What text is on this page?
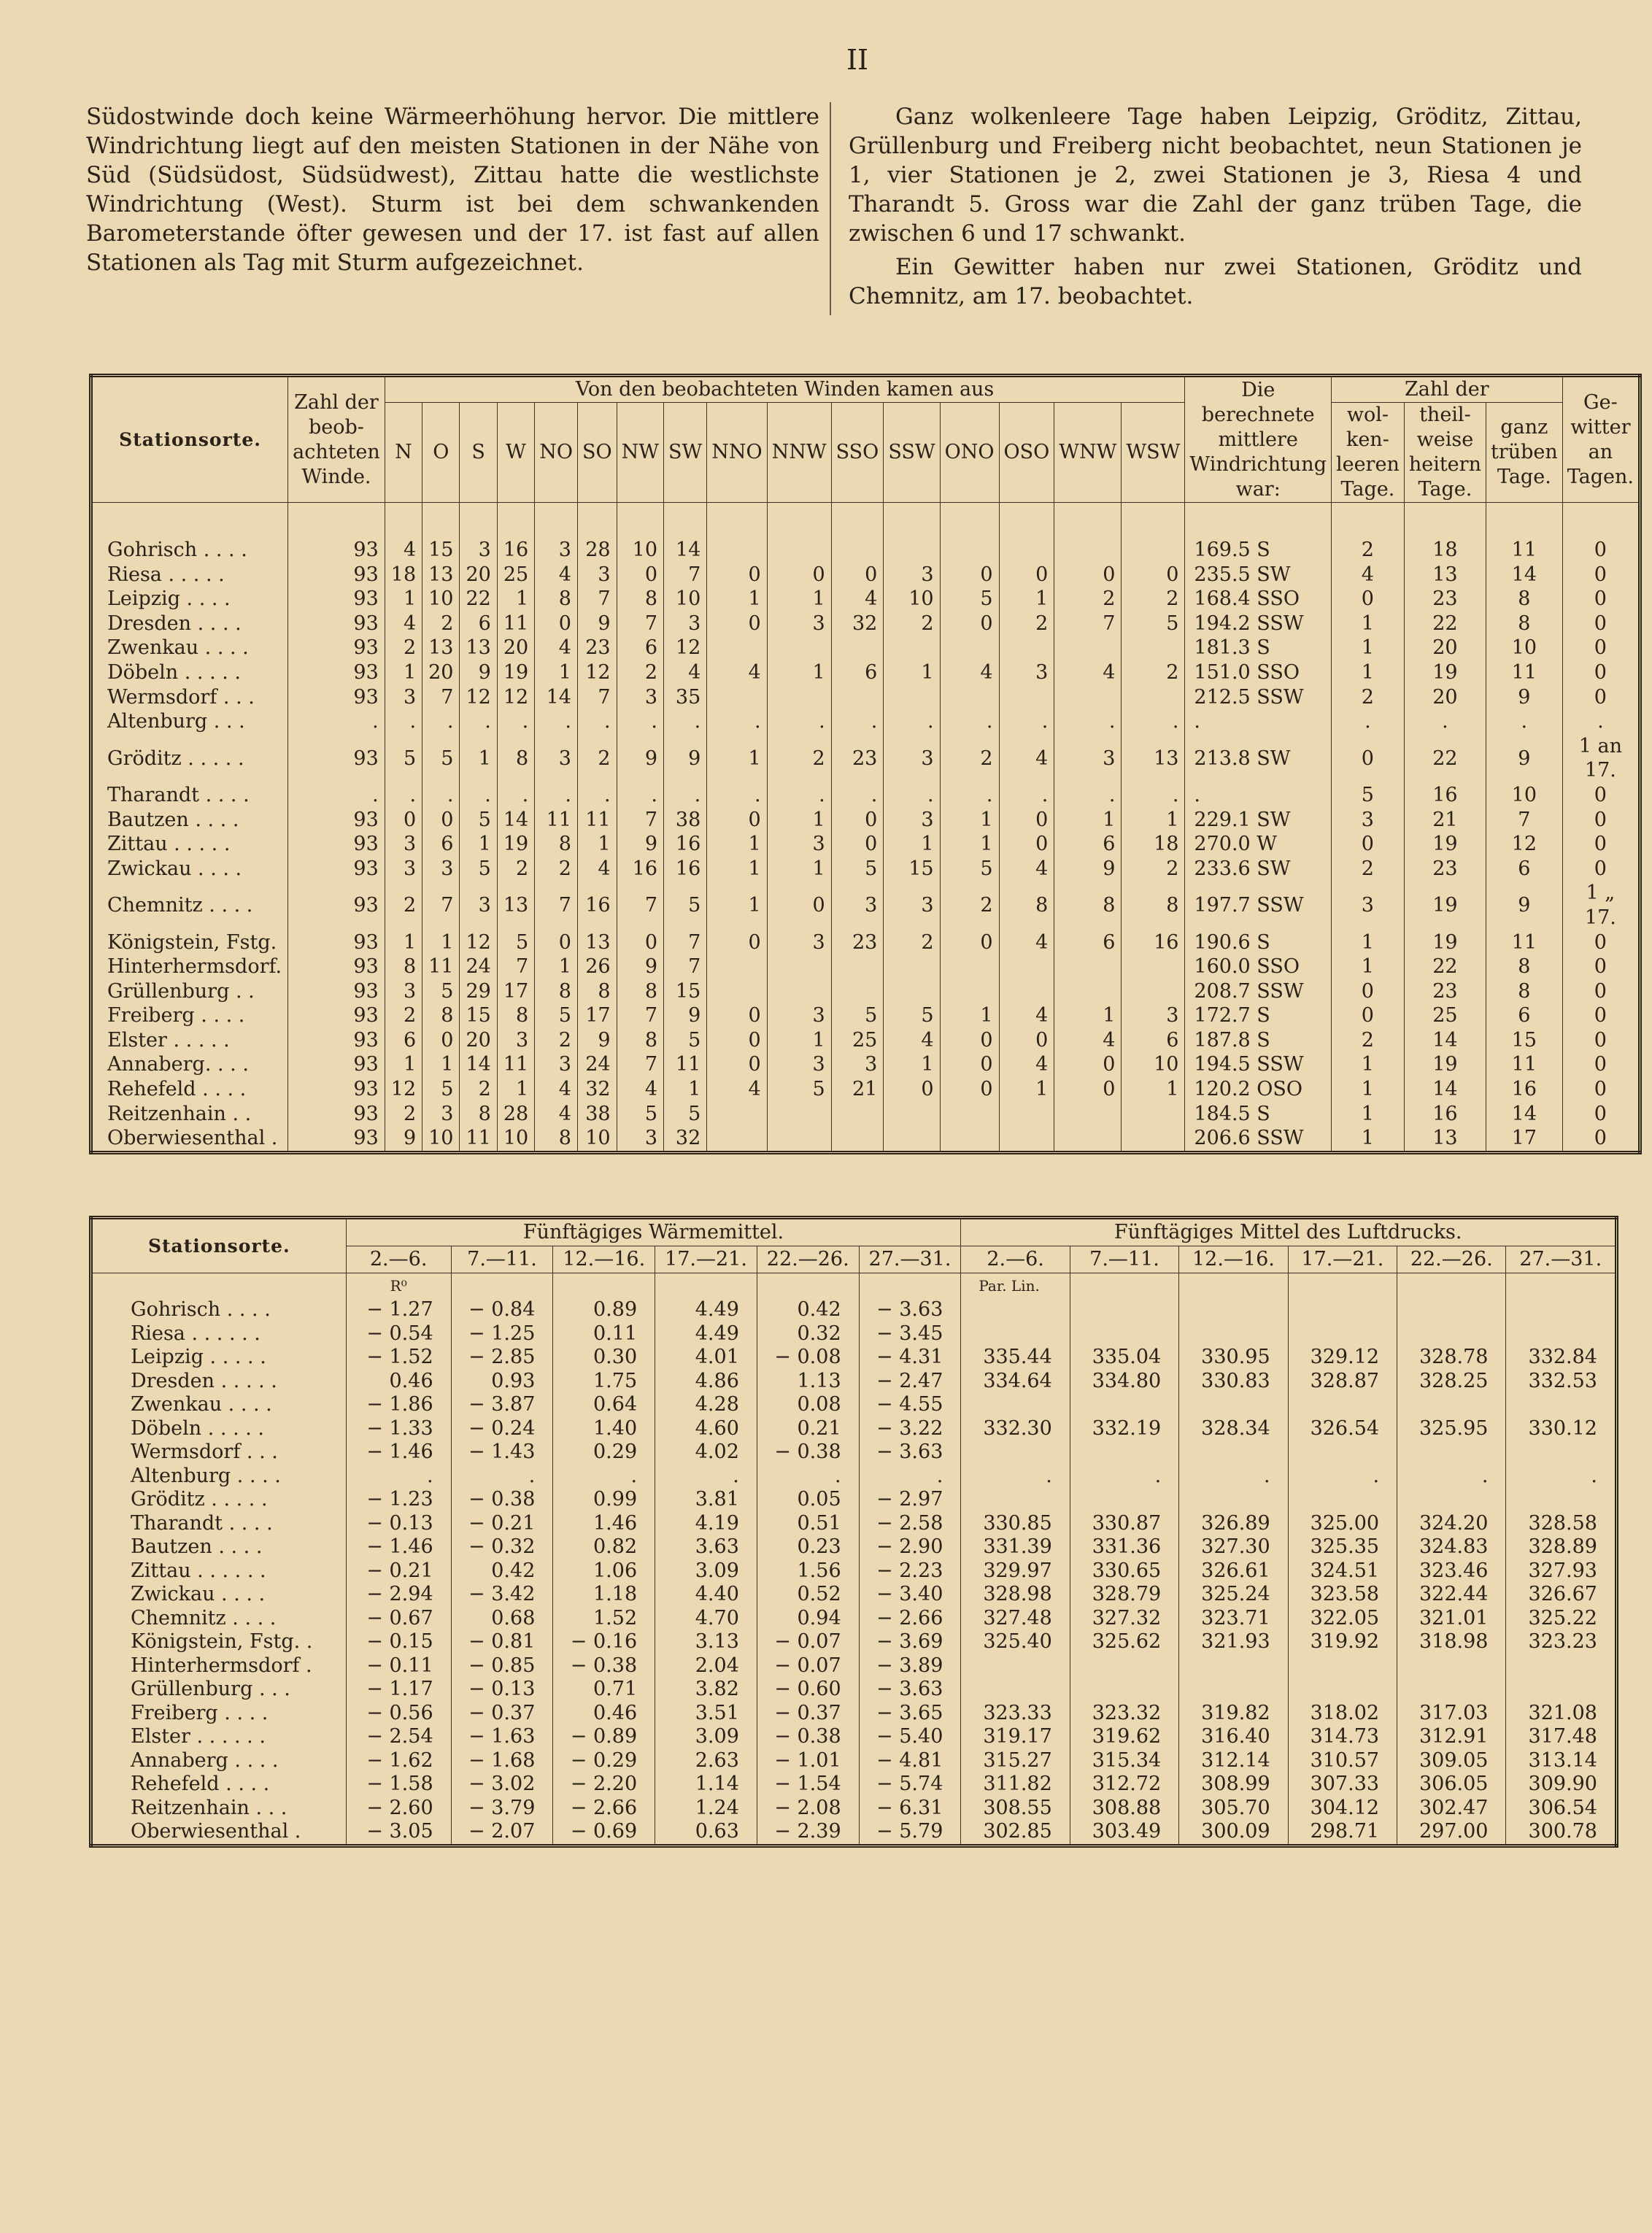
II

Südostwinde doch keine Wärmeerhöhung hervor. Die mittlere Windrichtung liegt auf den meisten Stationen in der Nähe von Süd (Südsüdost, Südsüdwest), Zittau hatte die westlichste Windrichtung (West). Sturm ist bei dem schwankenden Barometerstande öfter gewesen und der 17. ist fast auf allen Stationen als Tag mit Sturm aufgezeichnet.

Ganz wolkenleere Tage haben Leipzig, Gröditz, Zittau, Grüllenburg und Freiberg nicht beobachtet, neun Stationen je 1, vier Stationen je 2, zwei Stationen je 3, Riesa 4 und Tharandt 5. Gross war die Zahl der ganz trüben Tage, die zwischen 6 und 17 schwankt.

Ein Gewitter haben nur zwei Stationen, Gröditz und Chemnitz, am 17. beobachtet.

Stationsorte.	Zahl der beob-achteten Winde.	Von den beobachteten Winden kamen aus																Die berechnete mittlere Windrichtung war:	Zahl der			Ge-witter an Tagen.
		N	O	S	W	NO	SO	NW	SW	NNO	NNW	SSO	SSW	ONO	OSO	WNW	WSW		wol-ken-leeren Tage.	theil-weise heitern Tage.	ganz trüben Tage.	

Gohrisch . . . .	93	4	15	3	16	3	28	10	14									169.5 S	2	18	11	0
Riesa . . . . .	93	18	13	20	25	4	3	0	7	0	0	0	3	0	0	0	0	235.5 SW	4	13	14	0
Leipzig . . . .	93	1	10	22	1	8	7	8	10	1	1	4	10	5	1	2	2	168.4 SSO	0	23	8	0
Dresden . . . .	93	4	2	6	11	0	9	7	3	0	3	32	2	0	2	7	5	194.2 SSW	1	22	8	0
Zwenkau . . . .	93	2	13	13	20	4	23	6	12									181.3 S	1	20	10	0
Döbeln . . . . .	93	1	20	9	19	1	12	2	4	4	1	6	1	4	3	4	2	151.0 SSO	1	19	11	0
Wermsdorf . . .	93	3	7	12	12	14	7	3	35									212.5 SSW	2	20	9	0
Altenburg . . .	.	.	.	.	.	.	.	.	.	.	.	.	.	.	.	.	.	.	.	.	.	.
Gröditz . . . . .	93	5	5	1	8	3	2	9	9	1	2	23	3	2	4	3	13	213.8 SW	0	22	9	1 an 17.
Tharandt . . . .	.	.	.	.	.	.	.	.	.	.	.	.	.	.	.	.	.	.	5	16	10	0
Bautzen . . . .	93	0	0	5	14	11	11	7	38	0	1	0	3	1	0	1	1	229.1 SW	3	21	7	0
Zittau . . . . .	93	3	6	1	19	8	1	9	16	1	3	0	1	1	0	6	18	270.0 W	0	19	12	0
Zwickau . . . .	93	3	3	5	2	2	4	16	16	1	1	5	15	5	4	9	2	233.6 SW	2	23	6	0
Chemnitz . . . .	93	2	7	3	13	7	16	7	5	1	0	3	3	2	8	8	8	197.7 SSW	3	19	9	1 „ 17.
Königstein, Fstg.	93	1	1	12	5	0	13	0	7	0	3	23	2	0	4	6	16	190.6 S	1	19	11	0
Hinterhermsdorf.	93	8	11	24	7	1	26	9	7									160.0 SSO	1	22	8	0
Grüllenburg . .	93	3	5	29	17	8	8	8	15									208.7 SSW	0	23	8	0
Freiberg . . . .	93	2	8	15	8	5	17	7	9	0	3	5	5	1	4	1	3	172.7 S	0	25	6	0
Elster . . . . .	93	6	0	20	3	2	9	8	5	0	1	25	4	0	0	4	6	187.8 S	2	14	15	0
Annaberg. . . .	93	1	1	14	11	3	24	7	11	0	3	3	1	0	4	0	10	194.5 SSW	1	19	11	0
Rehefeld . . . .	93	12	5	2	1	4	32	4	1	4	5	21	0	0	1	0	1	120.2 OSO	1	14	16	0
Reitzenhain . .	93	2	3	8	28	4	38	5	5									184.5 S	1	16	14	0
Oberwiesenthal .	93	9	10	11	10	8	10	3	32									206.6 SSW	1	13	17	0
Stationsorte.	Fünftägiges Wärmemittel.						Fünftägiges Mittel des Luftdrucks.					
	2.—6.	7.—11.	12.—16.	17.—21.	22.—26.	27.—31.	2.—6.	7.—11.	12.—16.	17.—21.	22.—26.	27.—31.
	R⁰						Par. Lin.					
Gohrisch . . . .	− 1.27	− 0.84	0.89	4.49	0.42	− 3.63						
Riesa . . . . . .	− 0.54	− 1.25	0.11	4.49	0.32	− 3.45						
Leipzig . . . . .	− 1.52	− 2.85	0.30	4.01	− 0.08	− 4.31	335.44	335.04	330.95	329.12	328.78	332.84
Dresden . . . . .	0.46	0.93	1.75	4.86	1.13	− 2.47	334.64	334.80	330.83	328.87	328.25	332.53
Zwenkau . . . .	− 1.86	− 3.87	0.64	4.28	0.08	− 4.55						
Döbeln . . . . .	− 1.33	− 0.24	1.40	4.60	0.21	− 3.22	332.30	332.19	328.34	326.54	325.95	330.12
Wermsdorf . . .	− 1.46	− 1.43	0.29	4.02	− 0.38	− 3.63						
Altenburg . . . .	.	.	.	.	.	.	.	.	.	.	.	.
Gröditz . . . . .	− 1.23	− 0.38	0.99	3.81	0.05	− 2.97						
Tharandt . . . .	− 0.13	− 0.21	1.46	4.19	0.51	− 2.58	330.85	330.87	326.89	325.00	324.20	328.58
Bautzen . . . .	− 1.46	− 0.32	0.82	3.63	0.23	− 2.90	331.39	331.36	327.30	325.35	324.83	328.89
Zittau . . . . . .	− 0.21	0.42	1.06	3.09	1.56	− 2.23	329.97	330.65	326.61	324.51	323.46	327.93
Zwickau . . . .	− 2.94	− 3.42	1.18	4.40	0.52	− 3.40	328.98	328.79	325.24	323.58	322.44	326.67
Chemnitz . . . .	− 0.67	0.68	1.52	4.70	0.94	− 2.66	327.48	327.32	323.71	322.05	321.01	325.22
Königstein, Fstg. .	− 0.15	− 0.81	− 0.16	3.13	− 0.07	− 3.69	325.40	325.62	321.93	319.92	318.98	323.23
Hinterhermsdorf .	− 0.11	− 0.85	− 0.38	2.04	− 0.07	− 3.89						
Grüllenburg . . .	− 1.17	− 0.13	0.71	3.82	− 0.60	− 3.63						
Freiberg . . . .	− 0.56	− 0.37	0.46	3.51	− 0.37	− 3.65	323.33	323.32	319.82	318.02	317.03	321.08
Elster . . . . . .	− 2.54	− 1.63	− 0.89	3.09	− 0.38	− 5.40	319.17	319.62	316.40	314.73	312.91	317.48
Annaberg . . . .	− 1.62	− 1.68	− 0.29	2.63	− 1.01	− 4.81	315.27	315.34	312.14	310.57	309.05	313.14
Rehefeld . . . .	− 1.58	− 3.02	− 2.20	1.14	− 1.54	− 5.74	311.82	312.72	308.99	307.33	306.05	309.90
Reitzenhain . . .	− 2.60	− 3.79	− 2.66	1.24	− 2.08	− 6.31	308.55	308.88	305.70	304.12	302.47	306.54
Oberwiesenthal .	− 3.05	− 2.07	− 0.69	0.63	− 2.39	− 5.79	302.85	303.49	300.09	298.71	297.00	300.78
